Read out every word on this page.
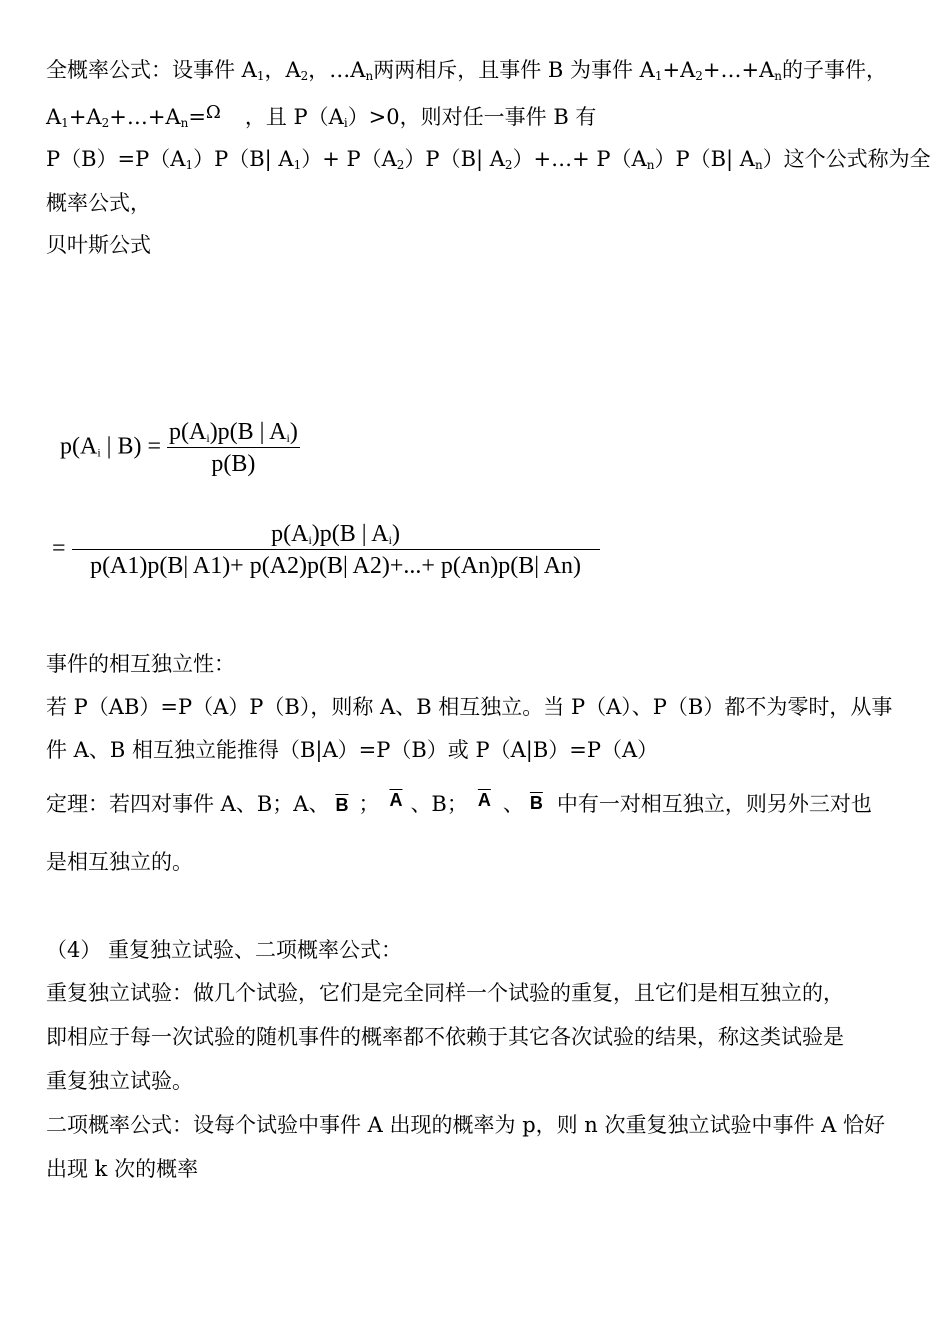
全概率公式：设事件 $A_1$，$A_2$，$\dots A_n$两两相斥，且事件 B 为事件 $A_1+A_2+\dots+A_n$的子事件，
$A_1+A_2+\dots+A_n=\Omega$ ，且 $P(A_i)>0$，则对任一事件 B 有
$P(B)=P(A_1)P(B|$ $A_1)+ P(A_2)P(B|$ $A_2)+\dots+ P(A_n)P(B|$ $A_n$）这个公式称为全
概率公式，
贝叶斯公式
$p(A_i$ | $B) = \frac{p(A_i)p(B | A_i)}{p(B)}$
= $\frac{p(A_i)p(B | A_i)}{p(A1)p(B| A1)+ p(A2)p(B| A2)+...+ p(An)p(B| An)}$
事件的相互独立性：
若 P（AB）=P（A）P（B），则称 A、B 相互独立。当 P（A）、P（B）都不为零时，从事
件 A、B 相互独立能推得（B|A）=P（B）或 P（A|B）=P（A）
定理：若四对事件 A、B；A、 $\overline{B}$ ； $\overline{A}$ 、B； $\overline{A}$ 、 $\overline{B}$ 中有一对相互独立，则另外三对也
是相互独立的。
（4） 重复独立试验、二项概率公式：
重复独立试验：做几个试验，它们是完全同样一个试验的重复，且它们是相互独立的，
即相应于每一次试验的随机事件的概率都不依赖于其它各次试验的结果，称这类试验是
重复独立试验。
二项概率公式：设每个试验中事件 A 出现的概率为 p，则 n 次重复独立试验中事件 A 恰好
出现 k 次的概率
